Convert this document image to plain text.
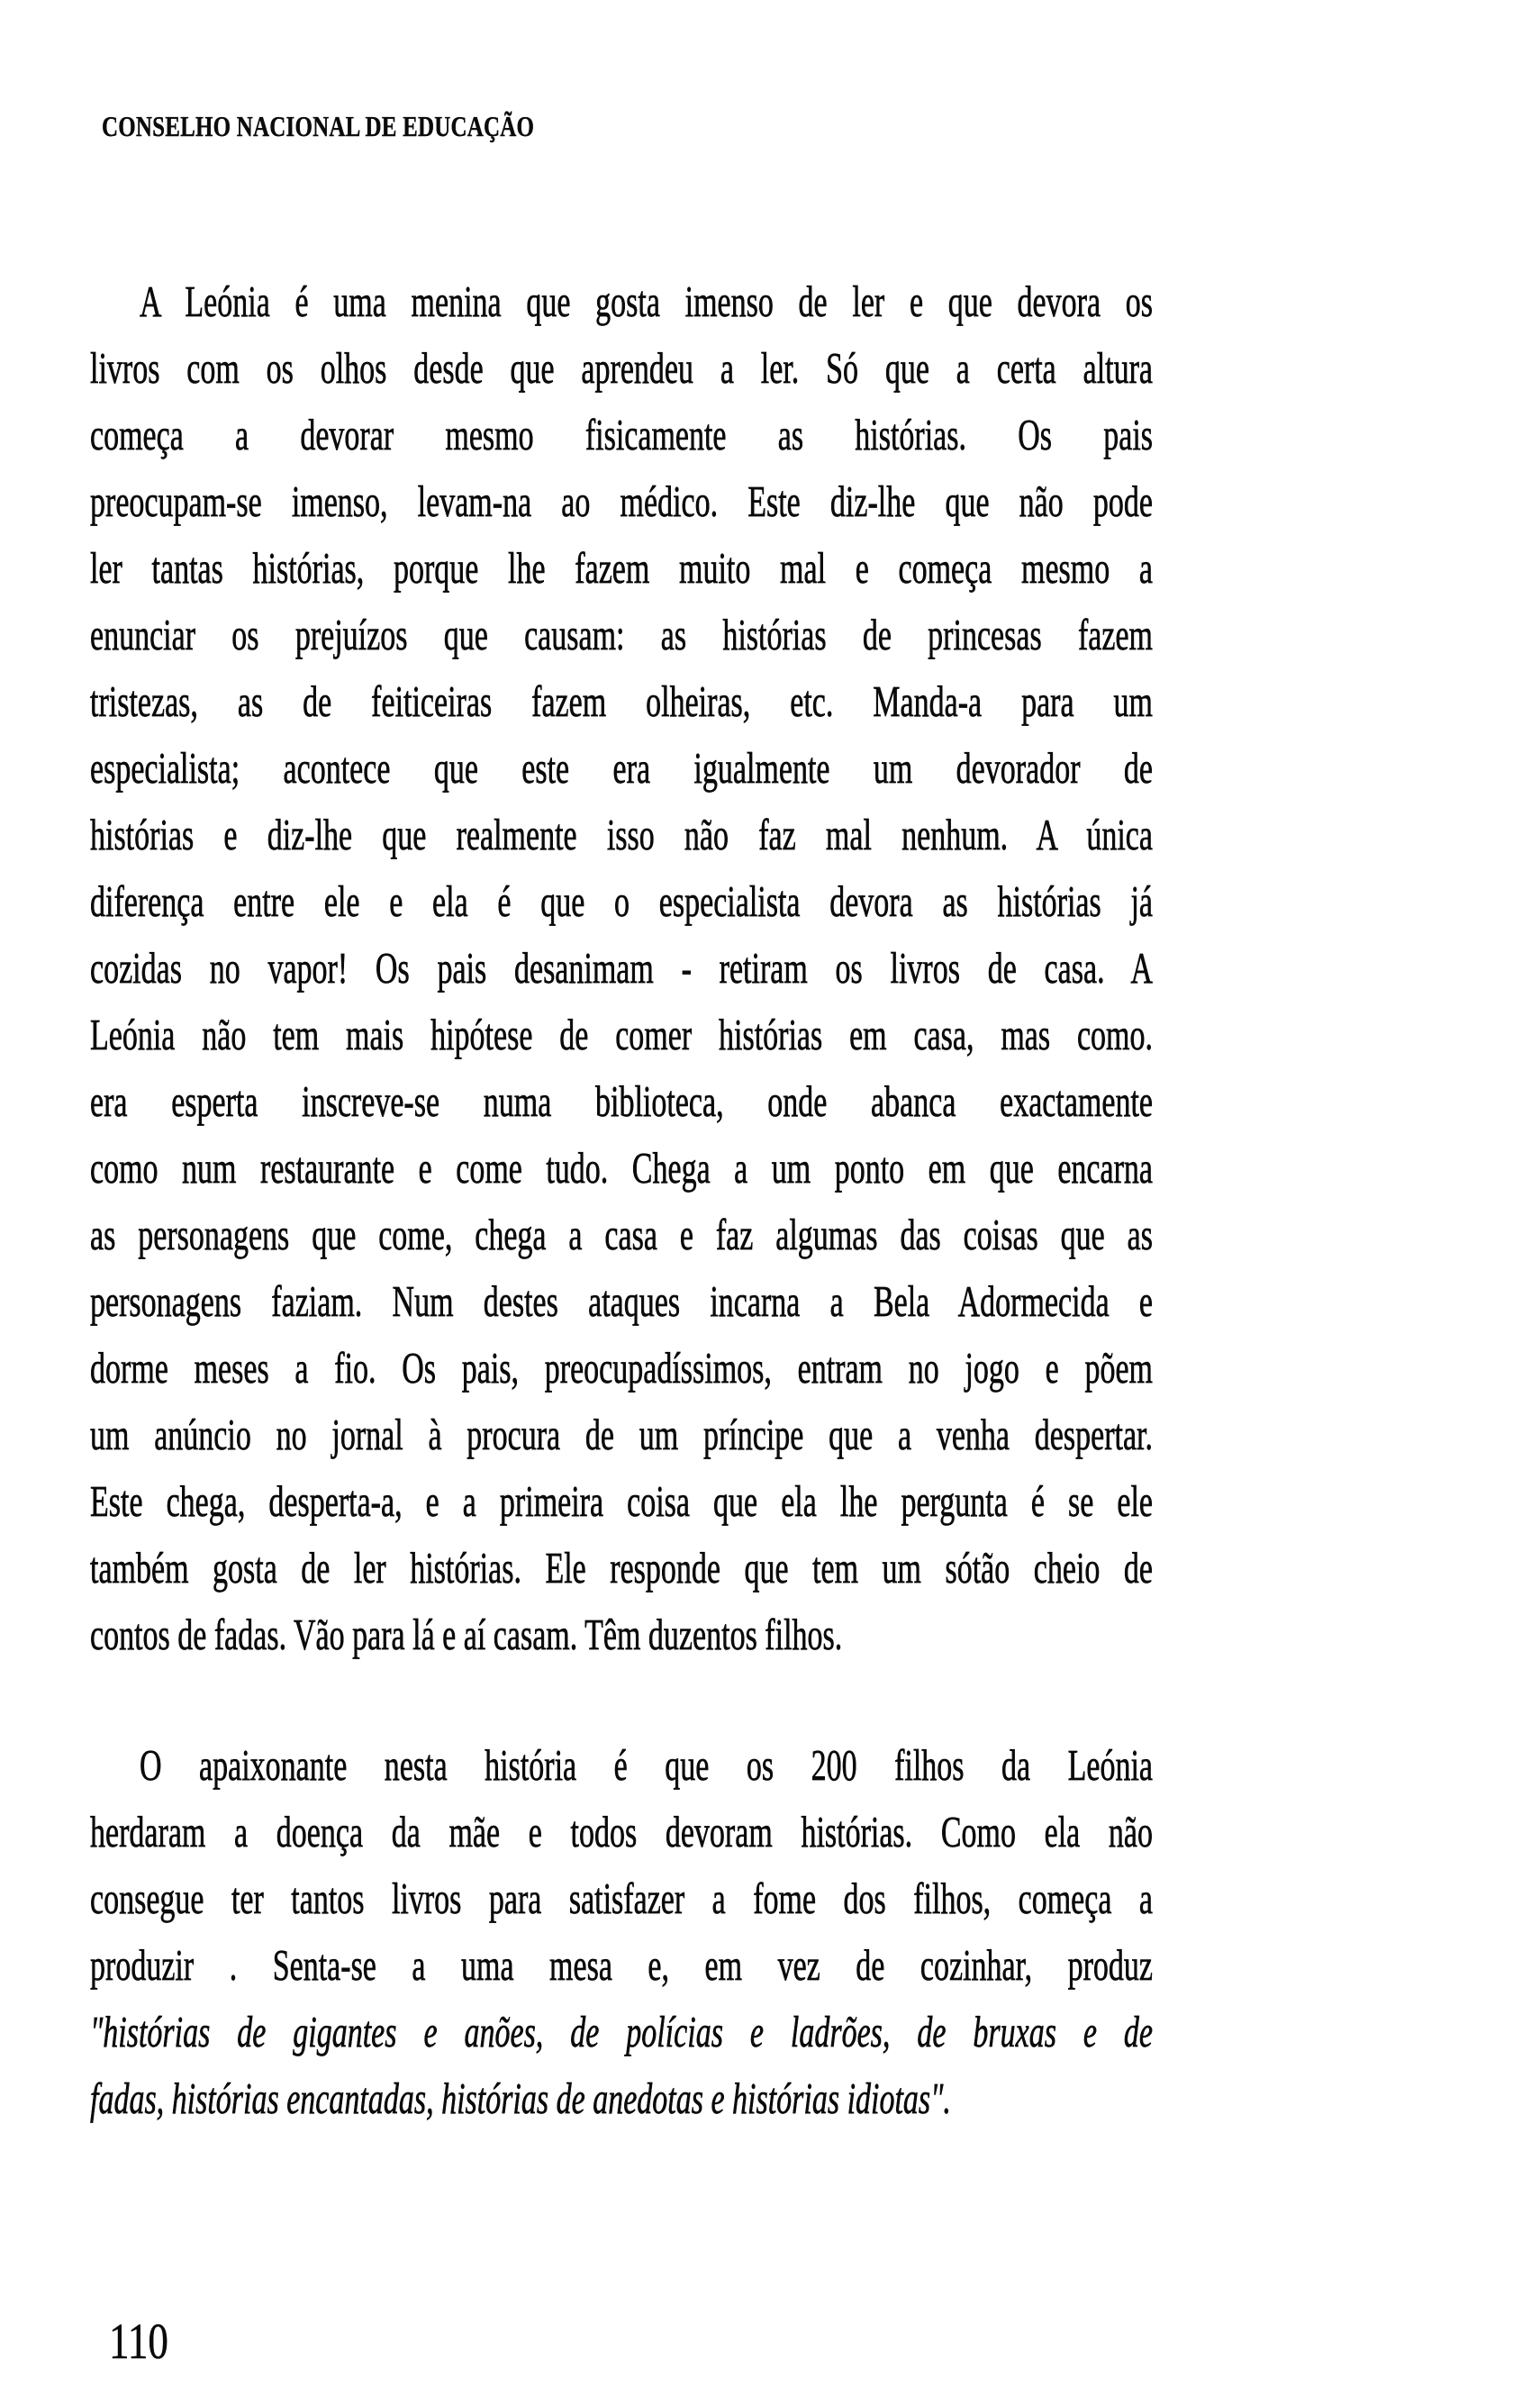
CONSELHO NACIONAL DE EDUCAÇÃO
A Leónia é uma menina que gosta imenso de ler e que devora os
livros com os olhos desde que aprendeu a ler. Só que a certa altura
começa a devorar mesmo fisicamente as histórias. Os pais
preocupam-se imenso, levam-na ao médico. Este diz-lhe que não pode
ler tantas histórias, porque lhe fazem muito mal e começa mesmo a
enunciar os prejuízos que causam: as histórias de princesas fazem
tristezas, as de feiticeiras fazem olheiras, etc. Manda-a para um
especialista; acontece que este era igualmente um devorador de
histórias e diz-lhe que realmente isso não faz mal nenhum. A única
diferença entre ele e ela é que o especialista devora as histórias já
cozidas no vapor! Os pais desanimam - retiram os livros de casa. A
Leónia não tem mais hipótese de comer histórias em casa, mas como.
era esperta inscreve-se numa biblioteca, onde abanca exactamente
como num restaurante e come tudo. Chega a um ponto em que encarna
as personagens que come, chega a casa e faz algumas das coisas que as
personagens faziam. Num destes ataques incarna a Bela Adormecida e
dorme meses a fio. Os pais, preocupadíssimos, entram no jogo e põem
um anúncio no jornal à procura de um príncipe que a venha despertar.
Este chega, desperta-a, e a primeira coisa que ela lhe pergunta é se ele
também gosta de ler histórias. Ele responde que tem um sótão cheio de
contos de fadas. Vão para lá e aí casam. Têm duzentos filhos.
O apaixonante nesta história é que os 200 filhos da Leónia
herdaram a doença da mãe e todos devoram histórias. Como ela não
consegue ter tantos livros para satisfazer a fome dos filhos, começa a
produzir . Senta-se a uma mesa e, em vez de cozinhar, produz
"histórias de gigantes e anões, de polícias e ladrões, de bruxas e de
fadas, histórias encantadas, histórias de anedotas e histórias idiotas".
110
